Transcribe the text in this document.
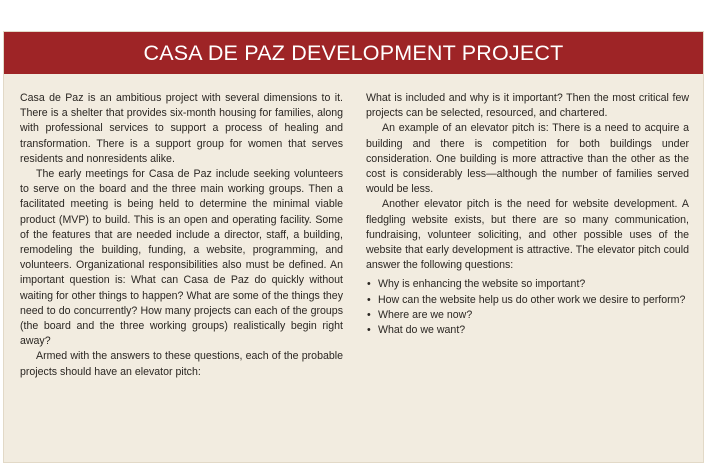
CASA DE PAZ DEVELOPMENT PROJECT

Casa de Paz is an ambitious project with several dimensions to it. There is a shelter that provides six-month housing for families, along with professional services to support a process of healing and transformation. There is a support group for women that serves residents and nonresidents alike.

The early meetings for Casa de Paz include seeking volunteers to serve on the board and the three main working groups. Then a facilitated meeting is being held to determine the minimal viable product (MVP) to build. This is an open and operating facility. Some of the features that are needed include a director, staff, a building, remodeling the building, funding, a website, programming, and volunteers. Organizational responsibilities also must be defined. An important question is: What can Casa de Paz do quickly without waiting for other things to happen? What are some of the things they need to do concurrently? How many projects can each of the groups (the board and the three working groups) realistically begin right away?

Armed with the answers to these questions, each of the probable projects should have an elevator pitch:

What is included and why is it important? Then the most critical few projects can be selected, resourced, and chartered.

An example of an elevator pitch is: There is a need to acquire a building and there is competition for both buildings under consideration. One building is more attractive than the other as the cost is considerably less—although the number of families served would be less.

Another elevator pitch is the need for website development. A fledgling website exists, but there are so many communication, fundraising, volunteer soliciting, and other possible uses of the website that early development is attractive. The elevator pitch could answer the following questions:

• Why is enhancing the website so important?
• How can the website help us do other work we desire to perform?
• Where are we now?
• What do we want?
